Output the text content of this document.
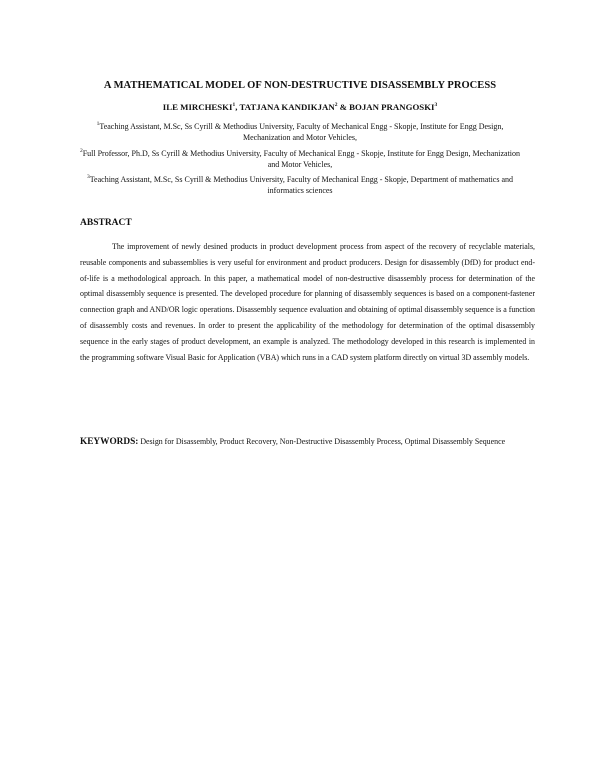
A MATHEMATICAL MODEL OF NON-DESTRUCTIVE DISASSEMBLY PROCESS
ILE MIRCHESKI$^1$, TATJANA KANDIKJAN$^2$ & BOJAN PRANGOSKI$^3$
$^1$Teaching Assistant, M.Sc, Ss Cyrill & Methodius University, Faculty of Mechanical Engg - Skopje, Institute for Engg Design, Mechanization and Motor Vehicles,
$^2$Full Professor, Ph.D, Ss Cyrill & Methodius University, Faculty of Mechanical Engg - Skopje, Institute for Engg Design, Mechanization and Motor Vehicles,
$^3$Teaching Assistant, M.Sc, Ss Cyrill & Methodius University, Faculty of Mechanical Engg - Skopje, Department of mathematics and informatics sciences
ABSTRACT

The improvement of newly desined products in product development process from aspect of the recovery of recyclable materials, reusable components and subassemblies is very useful for environment and product producers. Design for disassembly (DfD) for product end-of-life is a methodological approach. In this paper, a mathematical model of non-destructive disassembly process for determination of the optimal disassembly sequence is presented. The developed procedure for planning of disassembly sequences is based on a component-fastener connection graph and AND/OR logic operations. Disassembly sequence evaluation and obtaining of optimal disassembly sequence is a function of disassembly costs and revenues. In order to present the applicability of the methodology for determination of the optimal disassembly sequence in the early stages of product development, an example is analyzed. The methodology developed in this research is implemented in the programming software Visual Basic for Application (VBA) which runs in a CAD system platform directly on virtual 3D assembly models.

KEYWORDS: Design for Disassembly, Product Recovery, Non-Destructive Disassembly Process, Optimal Disassembly Sequence
